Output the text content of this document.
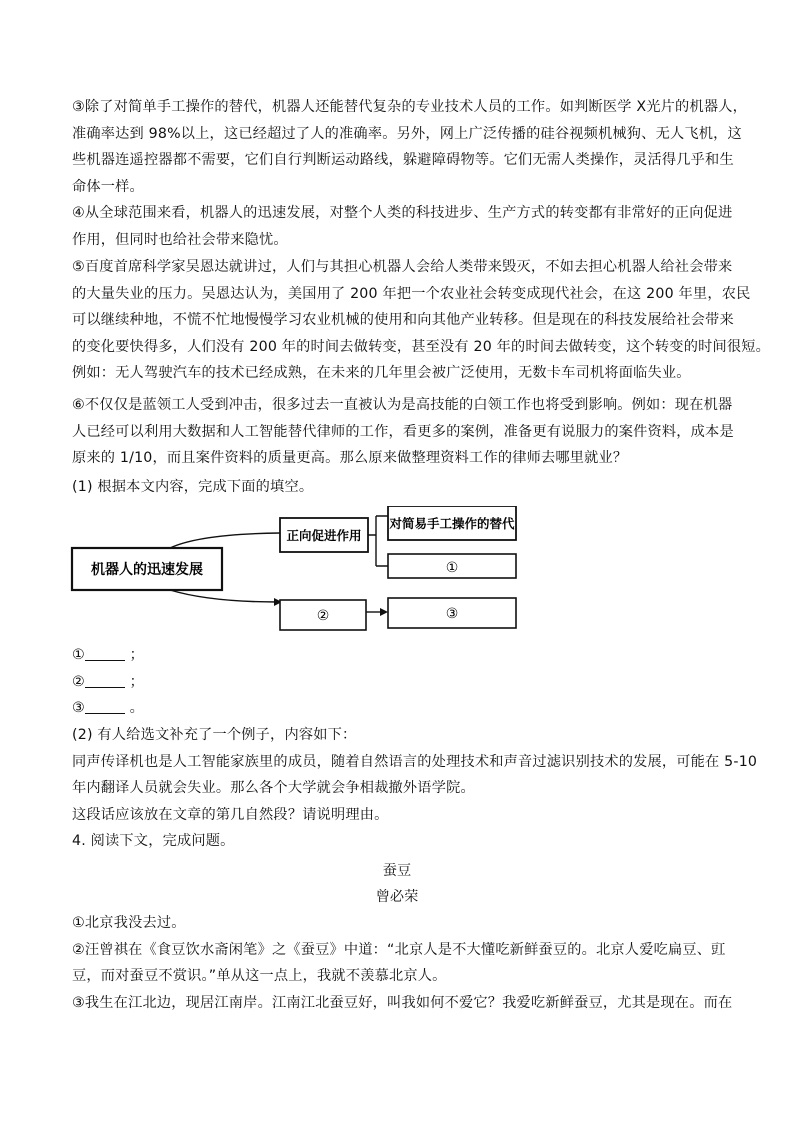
③除了对简单手工操作的替代，机器人还能替代复杂的专业技术人员的工作。如判断医学 X光片的机器人，
准确率达到 98%以上，这已经超过了人的准确率。另外，网上广泛传播的硅谷视频机械狗、无人飞机，这
些机器连遥控器都不需要，它们自行判断运动路线，躲避障碍物等。它们无需人类操作，灵活得几乎和生
命体一样。
④从全球范围来看，机器人的迅速发展，对整个人类的科技进步、生产方式的转变都有非常好的正向促进
作用，但同时也给社会带来隐忧。
⑤百度首席科学家吴恩达就讲过，人们与其担心机器人会给人类带来毁灭，不如去担心机器人给社会带来
的大量失业的压力。吴恩达认为，美国用了 200 年把一个农业社会转变成现代社会，在这 200 年里，农民
可以继续种地，不慌不忙地慢慢学习农业机械的使用和向其他产业转移。但是现在的科技发展给社会带来
的变化要快得多，人们没有 200 年的时间去做转变，甚至没有 20 年的时间去做转变，这个转变的时间很短。
例如：无人驾驶汽车的技术已经成熟，在未来的几年里会被广泛使用，无数卡车司机将面临失业。
⑥不仅仅是蓝领工人受到冲击，很多过去一直被认为是高技能的白领工作也将受到影响。例如：现在机器
人已经可以利用大数据和人工智能替代律师的工作，看更多的案例，准备更有说服力的案件资料，成本是
原来的 1/10，而且案件资料的质量更高。那么原来做整理资料工作的律师去哪里就业？
(1) 根据本文内容，完成下面的填空。
机器人的迅速发展
正向促进作用
对简易手工操作的替代
①
②	③
①	；
②	；
③	。
(2) 有人给选文补充了一个例子，内容如下：
同声传译机也是人工智能家族里的成员，随着自然语言的处理技术和声音过滤识别技术的发展，可能在 5-10
年内翻译人员就会失业。那么各个大学就会争相裁撤外语学院。
这段话应该放在文章的第几自然段？请说明理由。
4. 阅读下文，完成问题。
蚕豆
曾必荣
①北京我没去过。
②汪曾祺在《食豆饮水斋闲笔》之《蚕豆》中道：“北京人是不大懂吃新鲜蚕豆的。北京人爱吃扁豆、豇
豆，而对蚕豆不赏识。”单从这一点上，我就不羡慕北京人。
③我生在江北边，现居江南岸。江南江北蚕豆好，叫我如何不爱它？我爱吃新鲜蚕豆，尤其是现在。而在
